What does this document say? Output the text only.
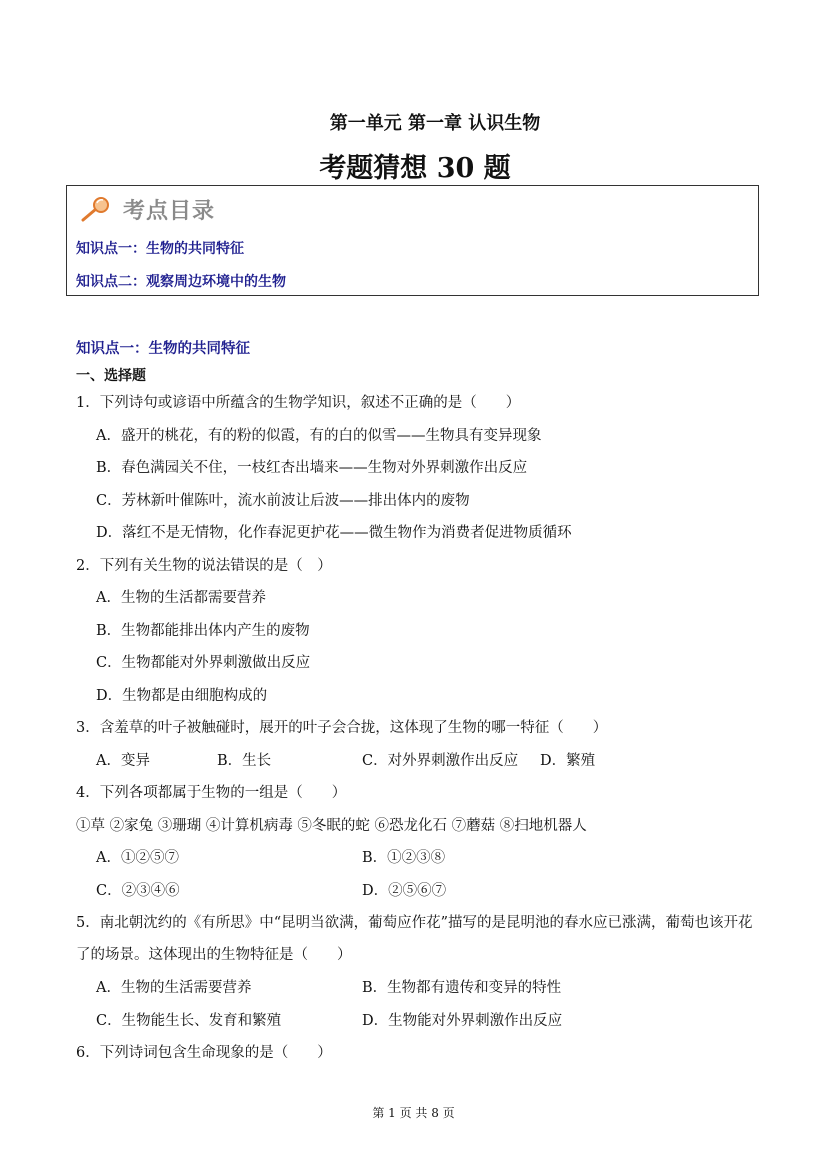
第一单元 第一章 认识生物
考题猜想 30 题
考点目录
知识点一：生物的共同特征
知识点二：观察周边环境中的生物
知识点一：生物的共同特征
一、选择题
1．下列诗句或谚语中所蕴含的生物学知识，叙述不正确的是（　　）
A．盛开的桃花，有的粉的似霞，有的白的似雪——生物具有变异现象
B．春色满园关不住，一枝红杏出墙来——生物对外界刺激作出反应
C．芳林新叶催陈叶，流水前波让后波——排出体内的废物
D．落红不是无情物，化作春泥更护花——微生物作为消费者促进物质循环
2．下列有关生物的说法错误的是（　）
A．生物的生活都需要营养
B．生物都能排出体内产生的废物
C．生物都能对外界刺激做出反应
D．生物都是由细胞构成的
3．含羞草的叶子被触碰时，展开的叶子会合拢，这体现了生物的哪一特征（　　）
A．变异	B．生长	C．对外界刺激作出反应 D．繁殖
4．下列各项都属于生物的一组是（　　）
①草 ②家兔 ③珊瑚 ④计算机病毒 ⑤冬眠的蛇 ⑥恐龙化石 ⑦蘑菇 ⑧扫地机器人
A．①②⑤⑦	B．①②③⑧
C．②③④⑥	D．②⑤⑥⑦
5．南北朝沈约的《有所思》中“昆明当欲满，葡萄应作花”描写的是昆明池的春水应已涨满，葡萄也该开花
了的场景。这体现出的生物特征是（　　）
A．生物的生活需要营养	B．生物都有遗传和变异的特性
C．生物能生长、发育和繁殖	D．生物能对外界刺激作出反应
6．下列诗词包含生命现象的是（　　）
第 1 页 共 8 页
